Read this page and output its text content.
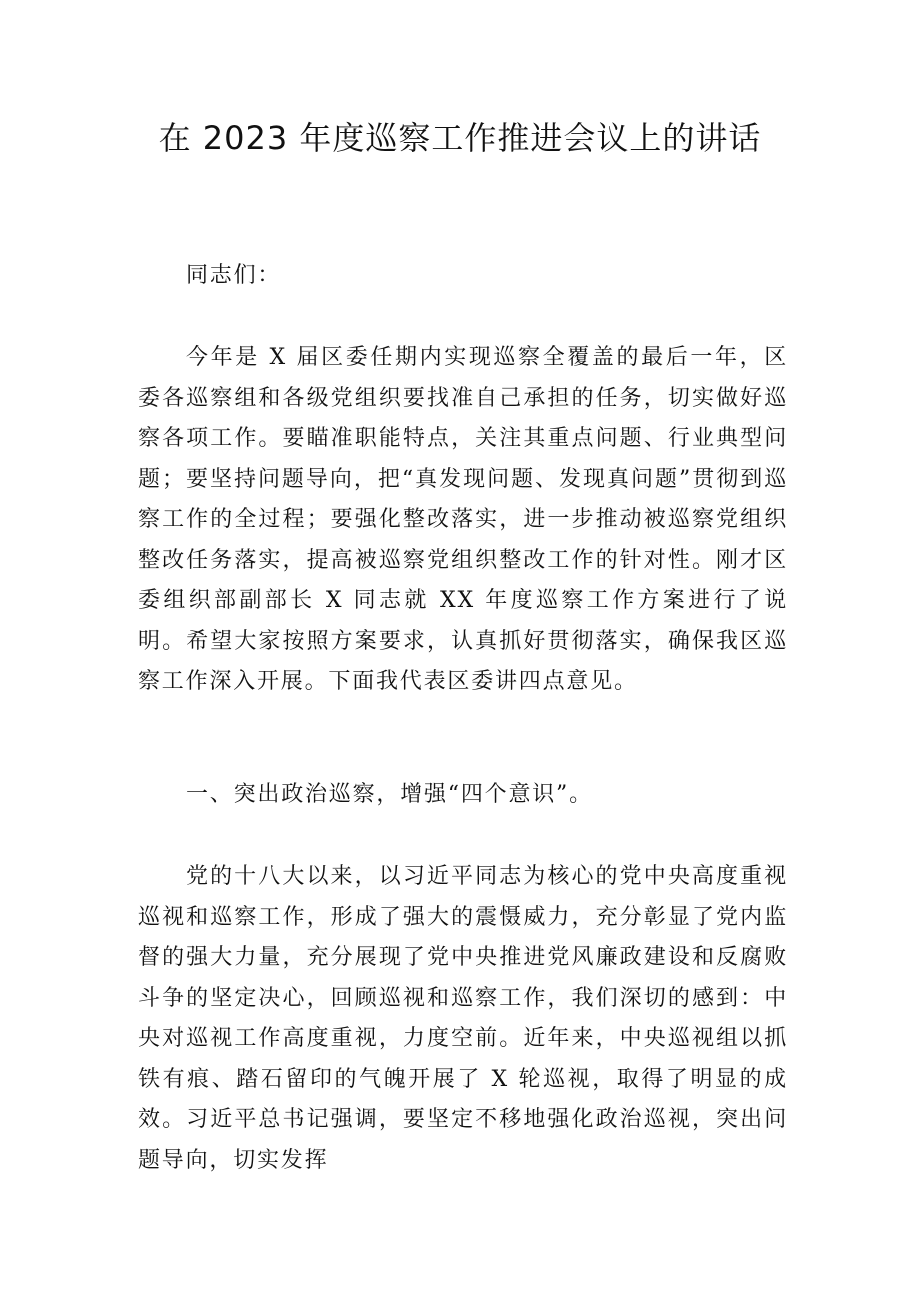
在 2023 年度巡察工作推进会议上的讲话

同志们：

今年是 X 届区委任期内实现巡察全覆盖的最后一年，区委各巡察组和各级党组织要找准自己承担的任务，切实做好巡察各项工作。要瞄准职能特点，关注其重点问题、行业典型问题；要坚持问题导向，把“真发现问题、发现真问题”贯彻到巡察工作的全过程；要强化整改落实，进一步推动被巡察党组织整改任务落实，提高被巡察党组织整改工作的针对性。刚才区委组织部副部长 X 同志就 XX 年度巡察工作方案进行了说明。希望大家按照方案要求，认真抓好贯彻落实，确保我区巡察工作深入开展。下面我代表区委讲四点意见。

一、突出政治巡察，增强“四个意识”。

党的十八大以来，以习近平同志为核心的党中央高度重视巡视和巡察工作，形成了强大的震慑威力，充分彰显了党内监督的强大力量，充分展现了党中央推进党风廉政建设和反腐败斗争的坚定决心，回顾巡视和巡察工作，我们深切的感到：中央对巡视工作高度重视，力度空前。近年来，中央巡视组以抓铁有痕、踏石留印的气魄开展了 X 轮巡视，取得了明显的成效。习近平总书记强调，要坚定不移地强化政治巡视，突出问题导向，切实发挥
